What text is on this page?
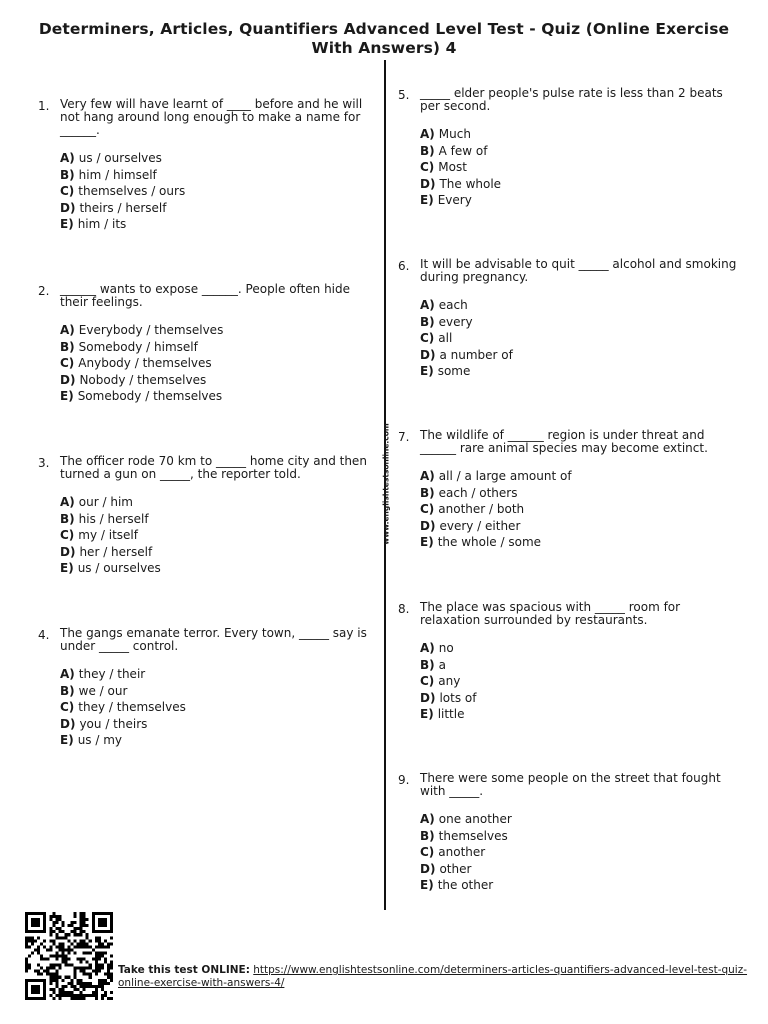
Determiners, Articles, Quantifiers Advanced Level Test - Quiz (Online Exercise With Answers) 4
www.englishtestsonline.com
1. Very few will have learnt of ____ before and he will not hang around long enough to make a name for ______.
A) us / ourselves
B) him / himself
C) themselves / ours
D) theirs / herself
E) him / its
2. ______ wants to expose ______. People often hide their feelings.
A) Everybody / themselves
B) Somebody / himself
C) Anybody / themselves
D) Nobody / themselves
E) Somebody / themselves
3. The officer rode 70 km to _____ home city and then turned a gun on _____, the reporter told.
A) our / him
B) his / herself
C) my / itself
D) her / herself
E) us / ourselves
4. The gangs emanate terror. Every town, _____ say is under _____ control.
A) they / their
B) we / our
C) they / themselves
D) you / theirs
E) us / my
5. _____ elder people's pulse rate is less than 2 beats per second.
A) Much
B) A few of
C) Most
D) The whole
E) Every
6. It will be advisable to quit _____ alcohol and smoking during pregnancy.
A) each
B) every
C) all
D) a number of
E) some
7. The wildlife of ______ region is under threat and ______ rare animal species may become extinct.
A) all / a large amount of
B) each / others
C) another / both
D) every / either
E) the whole / some
8. The place was spacious with _____ room for relaxation surrounded by restaurants.
A) no
B) a
C) any
D) lots of
E) little
9. There were some people on the street that fought with _____.
A) one another
B) themselves
C) another
D) other
E) the other
Take this test ONLINE: https://www.englishtestsonline.com/determiners-articles-quantifiers-advanced-level-test-quiz-online-exercise-with-answers-4/
